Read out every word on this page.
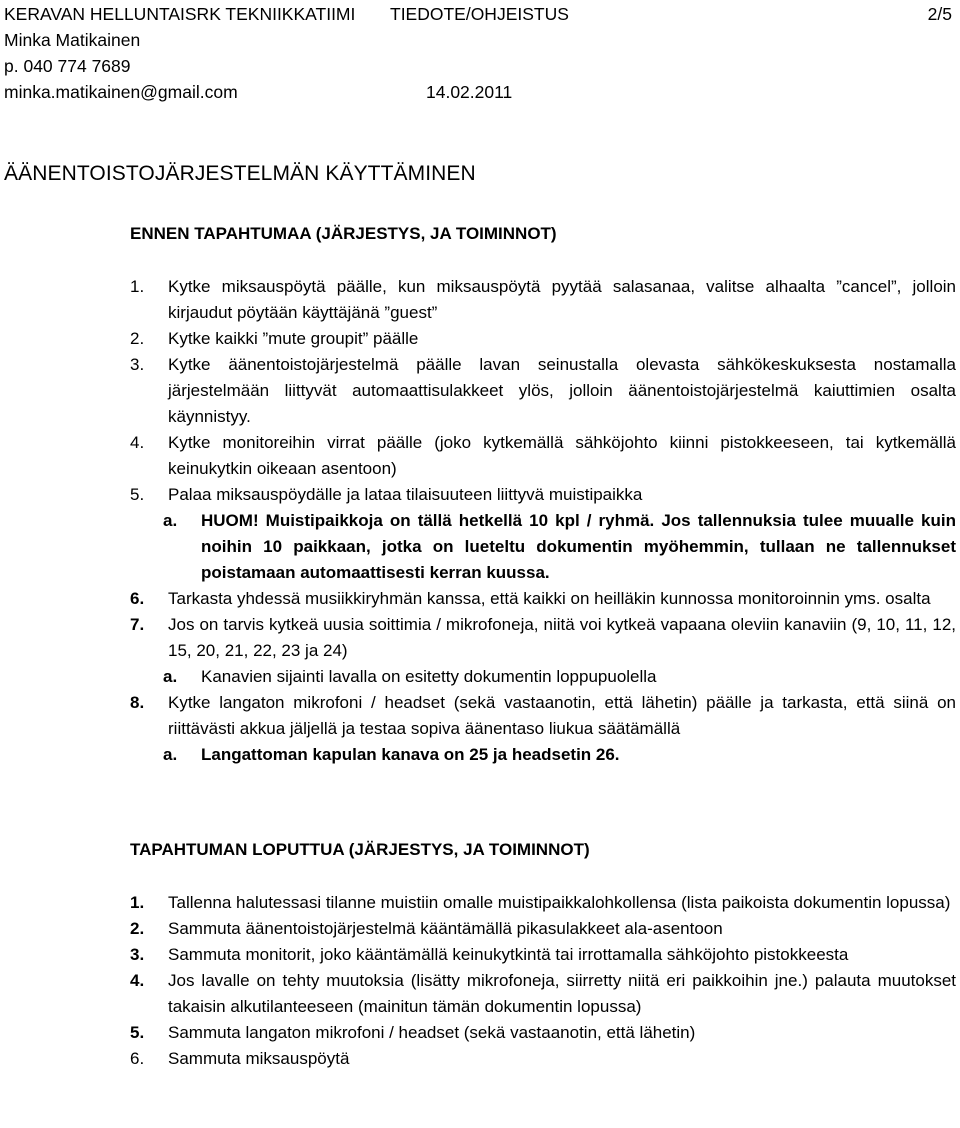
KERAVAN HELLUNTAISRK TEKNIIKKATIIMI TIEDOTE/OHJEISTUS	2/5
Minka Matikainen
p. 040 774 7689
minka.matikainen@gmail.com	14.02.2011
ÄÄNENTOISTOJÄRJESTELMÄN KÄYTTÄMINEN
ENNEN TAPAHTUMAA (JÄRJESTYS, JA TOIMINNOT)
1. Kytke miksauspöytä päälle, kun miksauspöytä pyytää salasanaa, valitse alhaalta ”cancel”, jolloin kirjaudut pöytään käyttäjänä ”guest”
2. Kytke kaikki ”mute groupit” päälle
3. Kytke äänentoistojärjestelmä päälle lavan seinustalla olevasta sähkökeskuksesta nostamalla järjestelmään liittyvät automaattisulakkeet ylös, jolloin äänentoistojärjestelmä kaiuttimien osalta käynnistyy.
4. Kytke monitoreihin virrat päälle (joko kytkemällä sähköjohto kiinni pistokkeeseen, tai kytkemällä keinukytkin oikeaan asentoon)
5. Palaa miksauspöydälle ja lataa tilaisuuteen liittyvä muistipaikka
a. HUOM! Muistipaikkoja on tällä hetkellä 10 kpl / ryhmä. Jos tallennuksia tulee muualle kuin noihin 10 paikkaan, jotka on lueteltu dokumentin myöhemmin, tullaan ne tallennukset poistamaan automaattisesti kerran kuussa.
6. Tarkasta yhdessä musiikkiryhmän kanssa, että kaikki on heilläkin kunnossa monitoroinnin yms. osalta
7. Jos on tarvis kytkeä uusia soittimia / mikrofoneja, niitä voi kytkeä vapaana oleviin kanaviin (9, 10, 11, 12, 15, 20, 21, 22, 23 ja 24)
a. Kanavien sijainti lavalla on esitetty dokumentin loppupuolella
8. Kytke langaton mikrofoni / headset (sekä vastaanotin, että lähetin) päälle ja tarkasta, että siinä on riittävästi akkua jäljellä ja testaa sopiva äänentaso liukua säätämällä
a. Langattoman kapulan kanava on 25 ja headsetin 26.
TAPAHTUMAN LOPUTTUA (JÄRJESTYS, JA TOIMINNOT)
1. Tallenna halutessasi tilanne muistiin omalle muistipaikkalohkollensa (lista paikoista dokumentin lopussa)
2. Sammuta äänentoistojärjestelmä kääntämällä pikasulakkeet ala-asentoon
3. Sammuta monitorit, joko kääntämällä keinukytkintä tai irrottamalla sähköjohto pistokkeesta
4. Jos lavalle on tehty muutoksia (lisätty mikrofoneja, siirretty niitä eri paikkoihin jne.) palauta muutokset takaisin alkutilanteeseen (mainitun tämän dokumentin lopussa)
5. Sammuta langaton mikrofoni / headset (sekä vastaanotin, että lähetin)
6. Sammuta miksauspöytä
